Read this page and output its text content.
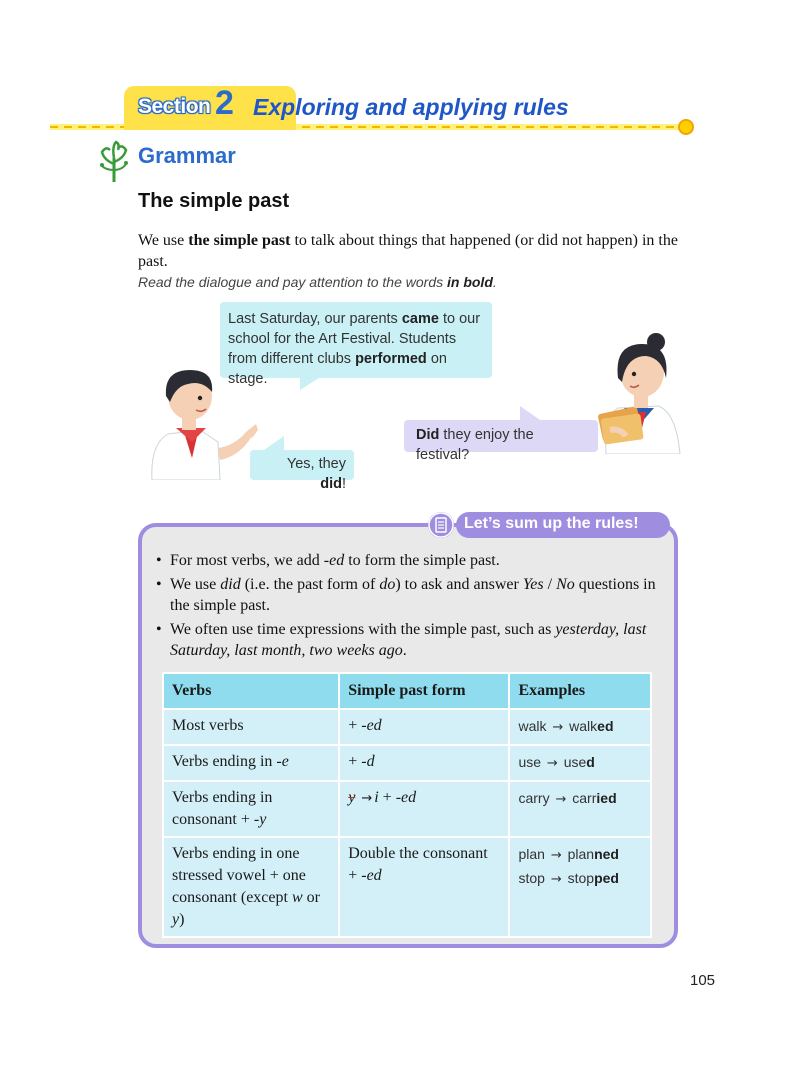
Section 2 Exploring and applying rules
Grammar
The simple past

We use the simple past to talk about things that happened (or did not happen) in the past.

Read the dialogue and pay attention to the words in bold.

Last Saturday, our parents came to our school for the Art Festival. Students from different clubs performed on stage.
Did they enjoy the festival?
Yes, they did!
Let’s sum up the rules!
• For most verbs, we add -ed to form the simple past.
• We use did (i.e. the past form of do) to ask and answer Yes / No questions in the simple past.
• We often use time expressions with the simple past, such as yesterday, last Saturday, last month, two weeks ago.
Verbs	Simple past form	Examples
Most verbs	+ -ed	walk → walked
Verbs ending in -e	+ -d	use → used
Verbs ending in consonant + -y	y → i + -ed	carry → carried
Verbs ending in one stressed vowel + one consonant (except w or y)	Double the consonant + -ed	plan → planned
stop → stopped
105
